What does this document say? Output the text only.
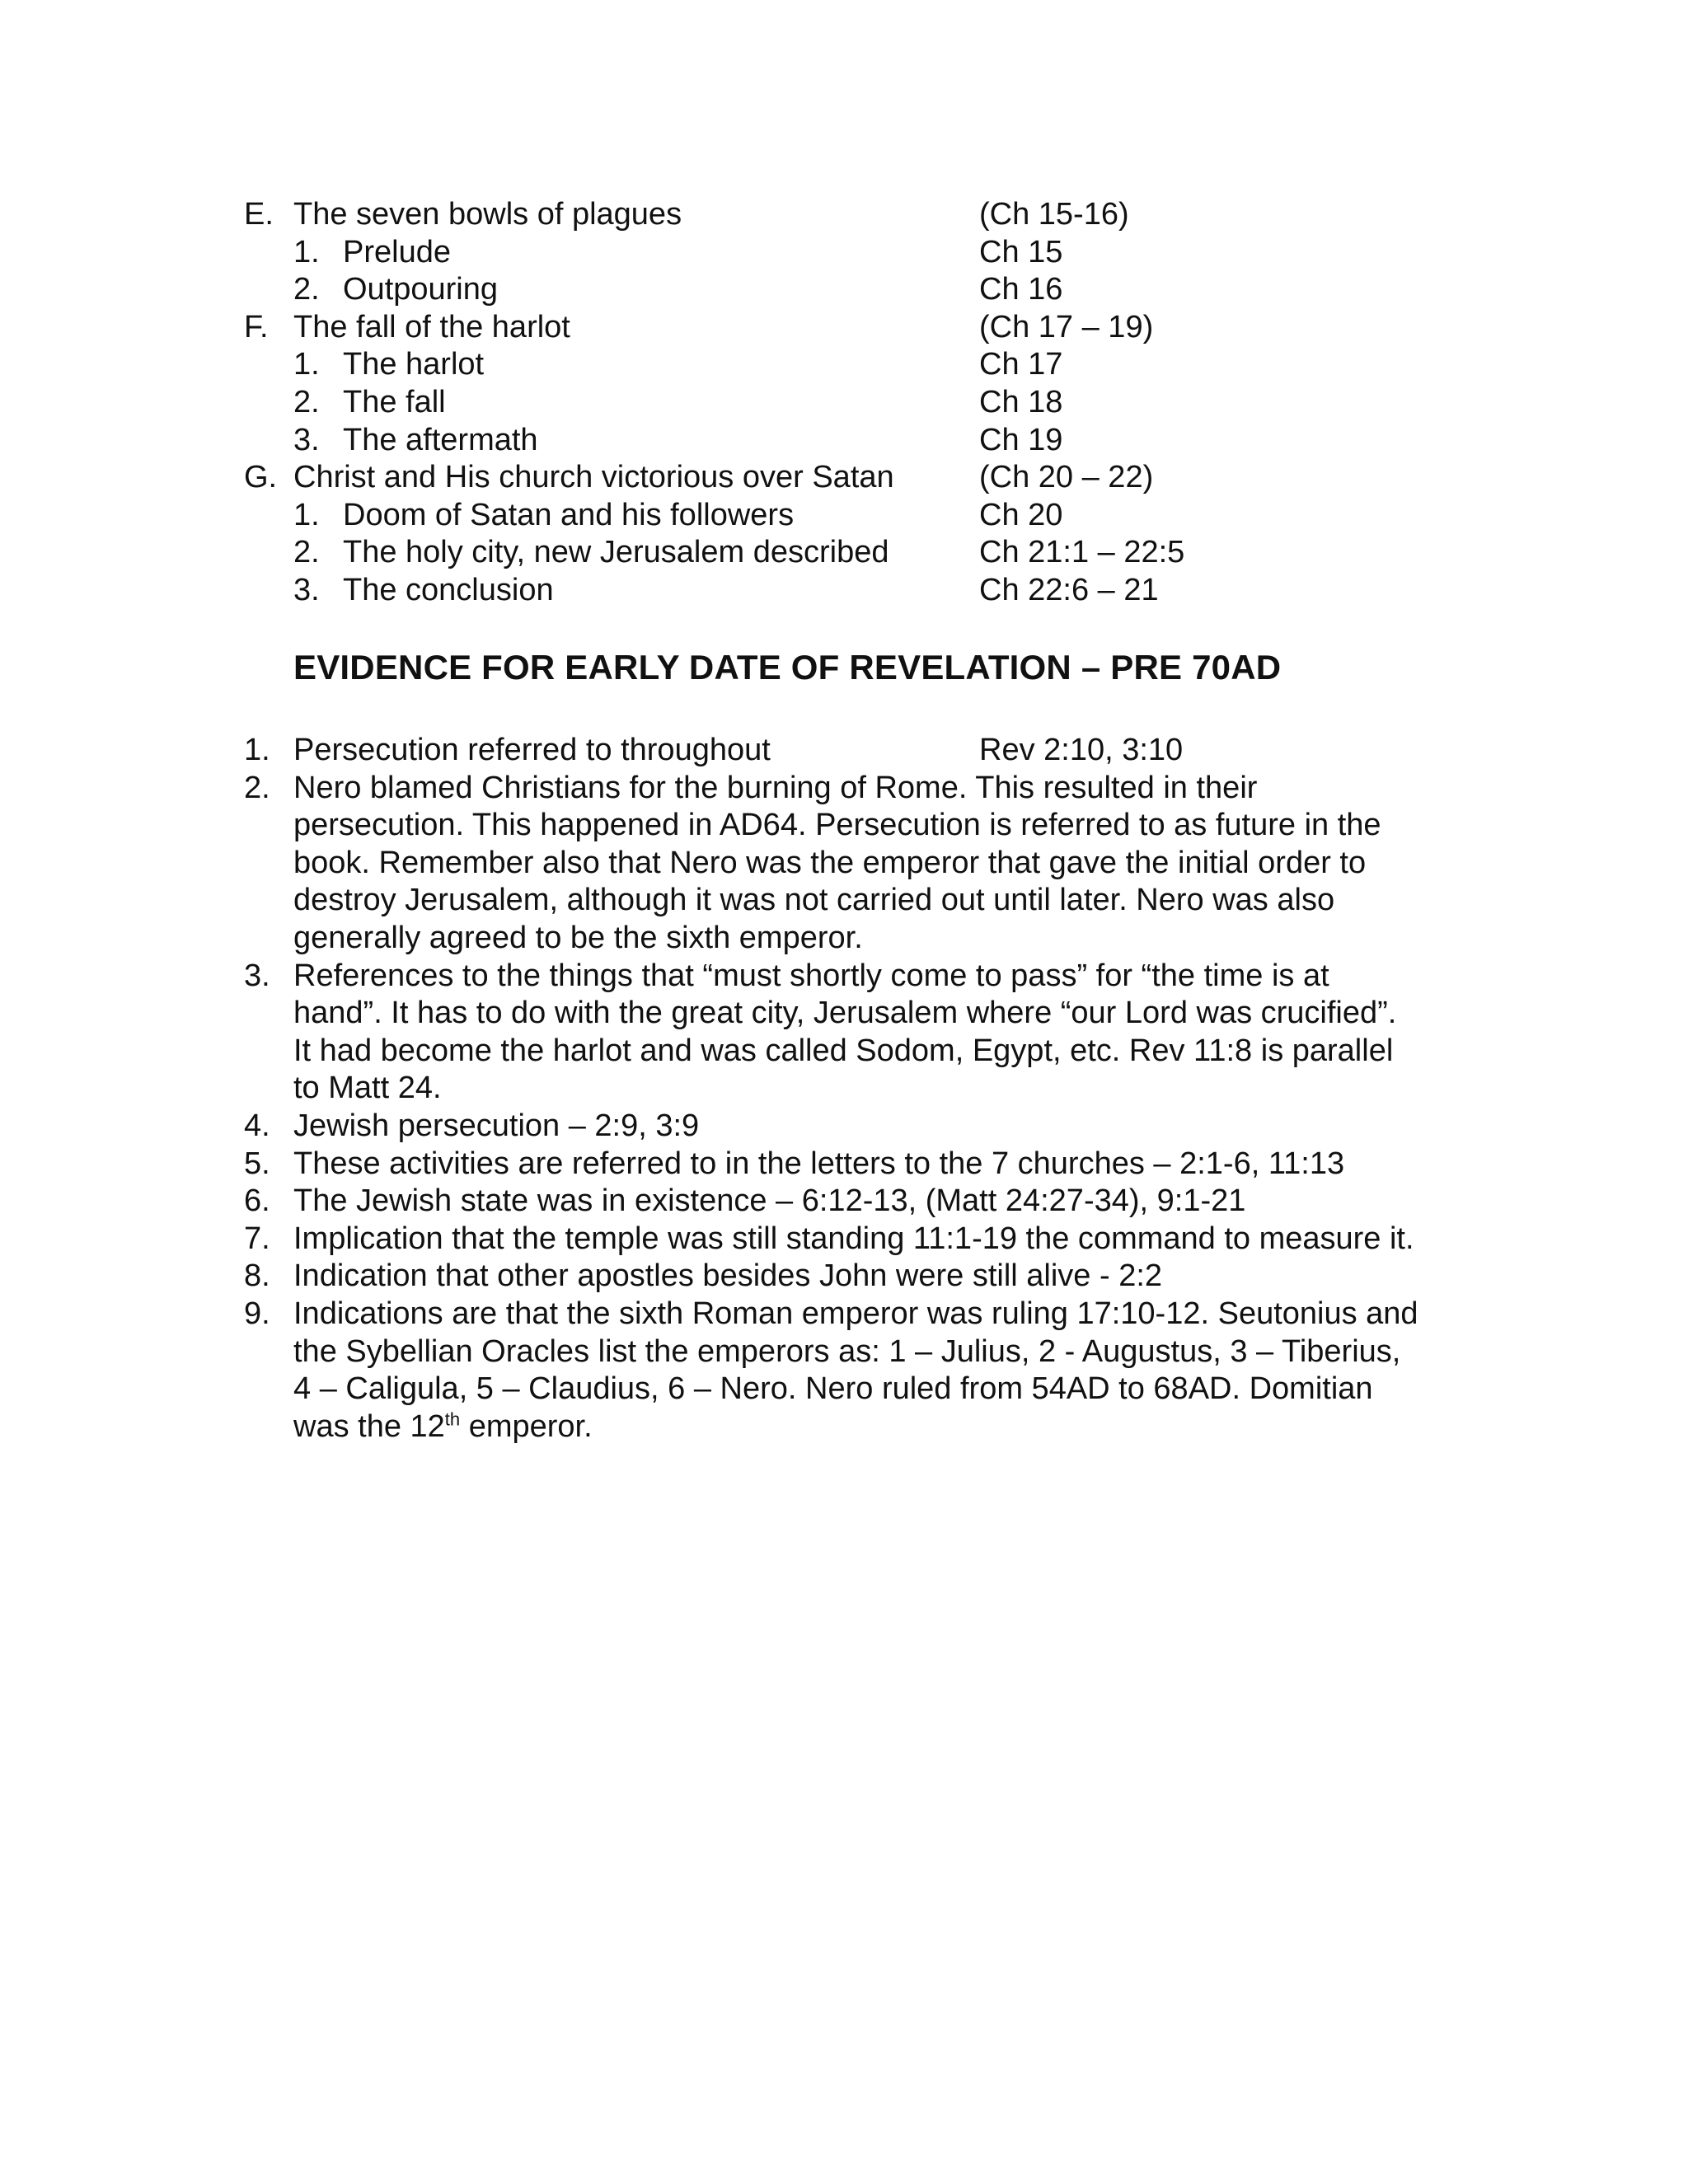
E. The seven bowls of plagues	(Ch 15-16)
1. Prelude	Ch 15
2. Outpouring	Ch 16
F. The fall of the harlot	(Ch 17 – 19)
1. The harlot	Ch 17
2. The fall	Ch 18
3. The aftermath	Ch 19
G. Christ and His church victorious over Satan	(Ch 20 – 22)
1. Doom of Satan and his followers	Ch 20
2. The holy city, new Jerusalem described	Ch 21:1 – 22:5
3. The conclusion	Ch 22:6 – 21
EVIDENCE FOR EARLY DATE OF REVELATION – PRE 70AD
1. Persecution referred to throughout	Rev 2:10, 3:10
2. Nero blamed Christians for the burning of Rome. This resulted in their
persecution. This happened in AD64. Persecution is referred to as future in the
book. Remember also that Nero was the emperor that gave the initial order to
destroy Jerusalem, although it was not carried out until later. Nero was also
generally agreed to be the sixth emperor.
3. References to the things that “must shortly come to pass” for “the time is at
hand”. It has to do with the great city, Jerusalem where “our Lord was crucified”.
It had become the harlot and was called Sodom, Egypt, etc. Rev 11:8 is parallel
to Matt 24.
4. Jewish persecution – 2:9, 3:9
5. These activities are referred to in the letters to the 7 churches – 2:1-6, 11:13
6. The Jewish state was in existence – 6:12-13, (Matt 24:27-34), 9:1-21
7. Implication that the temple was still standing 11:1-19 the command to measure it.
8. Indication that other apostles besides John were still alive - 2:2
9. Indications are that the sixth Roman emperor was ruling 17:10-12. Seutonius and
the Sybellian Oracles list the emperors as: 1 – Julius, 2 - Augustus, 3 – Tiberius,
4 – Caligula, 5 – Claudius, 6 – Nero. Nero ruled from 54AD to 68AD. Domitian
was the 12th emperor.
